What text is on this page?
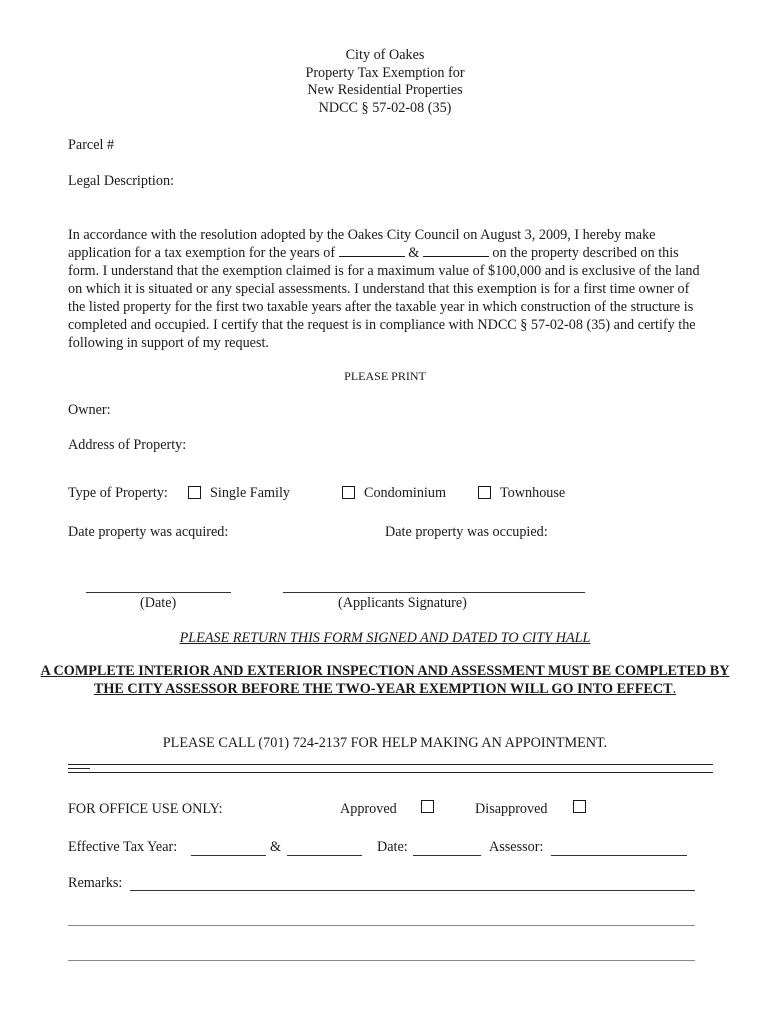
City of Oakes
Property Tax Exemption for
New Residential Properties
NDCC § 57-02-08 (35)
Parcel #
Legal Description:
In accordance with the resolution adopted by the Oakes City Council on August 3, 2009, I hereby make application for a tax exemption for the years of	&	on the property described on this form. I understand that the exemption claimed is for a maximum value of $100,000 and is exclusive of the land on which it is situated or any special assessments. I understand that this exemption is for a first time owner of the listed property for the first two taxable years after the taxable year in which construction of the structure is completed and occupied. I certify that the request is in compliance with NDCC § 57-02-08 (35) and certify the following in support of my request.
PLEASE PRINT
Owner:
Address of Property:
Type of Property:	Single Family	Condominium	Townhouse
Date property was acquired:	Date property was occupied:
(Date)	(Applicants Signature)
PLEASE RETURN THIS FORM SIGNED AND DATED TO CITY HALL
A COMPLETE INTERIOR AND EXTERIOR INSPECTION AND ASSESSMENT MUST BE COMPLETED BY THE CITY ASSESSOR BEFORE THE TWO-YEAR EXEMPTION WILL GO INTO EFFECT.
PLEASE CALL (701) 724-2137 FOR HELP MAKING AN APPOINTMENT.
FOR OFFICE USE ONLY:	Approved	Disapproved
Effective Tax Year:	&	Date:	Assessor:
Remarks:
